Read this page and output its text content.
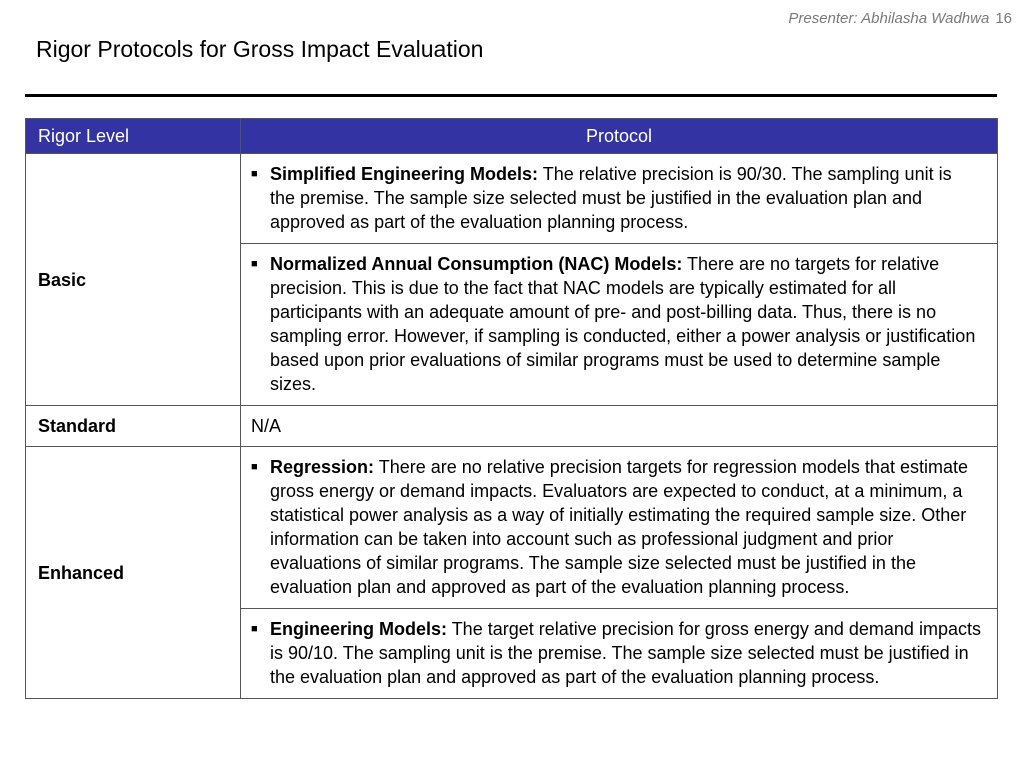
Presenter: Abhilasha Wadhwa 16
Rigor Protocols for Gross Impact Evaluation
Rigor Level	Protocol
Basic	■ Simplified Engineering Models: The relative precision is 90/30. The sampling unit is the premise. The sample size selected must be justified in the evaluation plan and approved as part of the evaluation planning process.

	■ Normalized Annual Consumption (NAC) Models: There are no targets for relative precision. This is due to the fact that NAC models are typically estimated for all participants with an adequate amount of pre- and post-billing data. Thus, there is no sampling error. However, if sampling is conducted, either a power analysis or justification based upon prior evaluations of similar programs must be used to determine sample sizes.

Standard	N/A
Enhanced	■ Regression: There are no relative precision targets for regression models that estimate gross energy or demand impacts. Evaluators are expected to conduct, at a minimum, a statistical power analysis as a way of initially estimating the required sample size. Other information can be taken into account such as professional judgment and prior evaluations of similar programs. The sample size selected must be justified in the evaluation plan and approved as part of the evaluation planning process.

	■ Engineering Models: The target relative precision for gross energy and demand impacts is 90/10. The sampling unit is the premise. The sample size selected must be justified in the evaluation plan and approved as part of the evaluation planning process.
